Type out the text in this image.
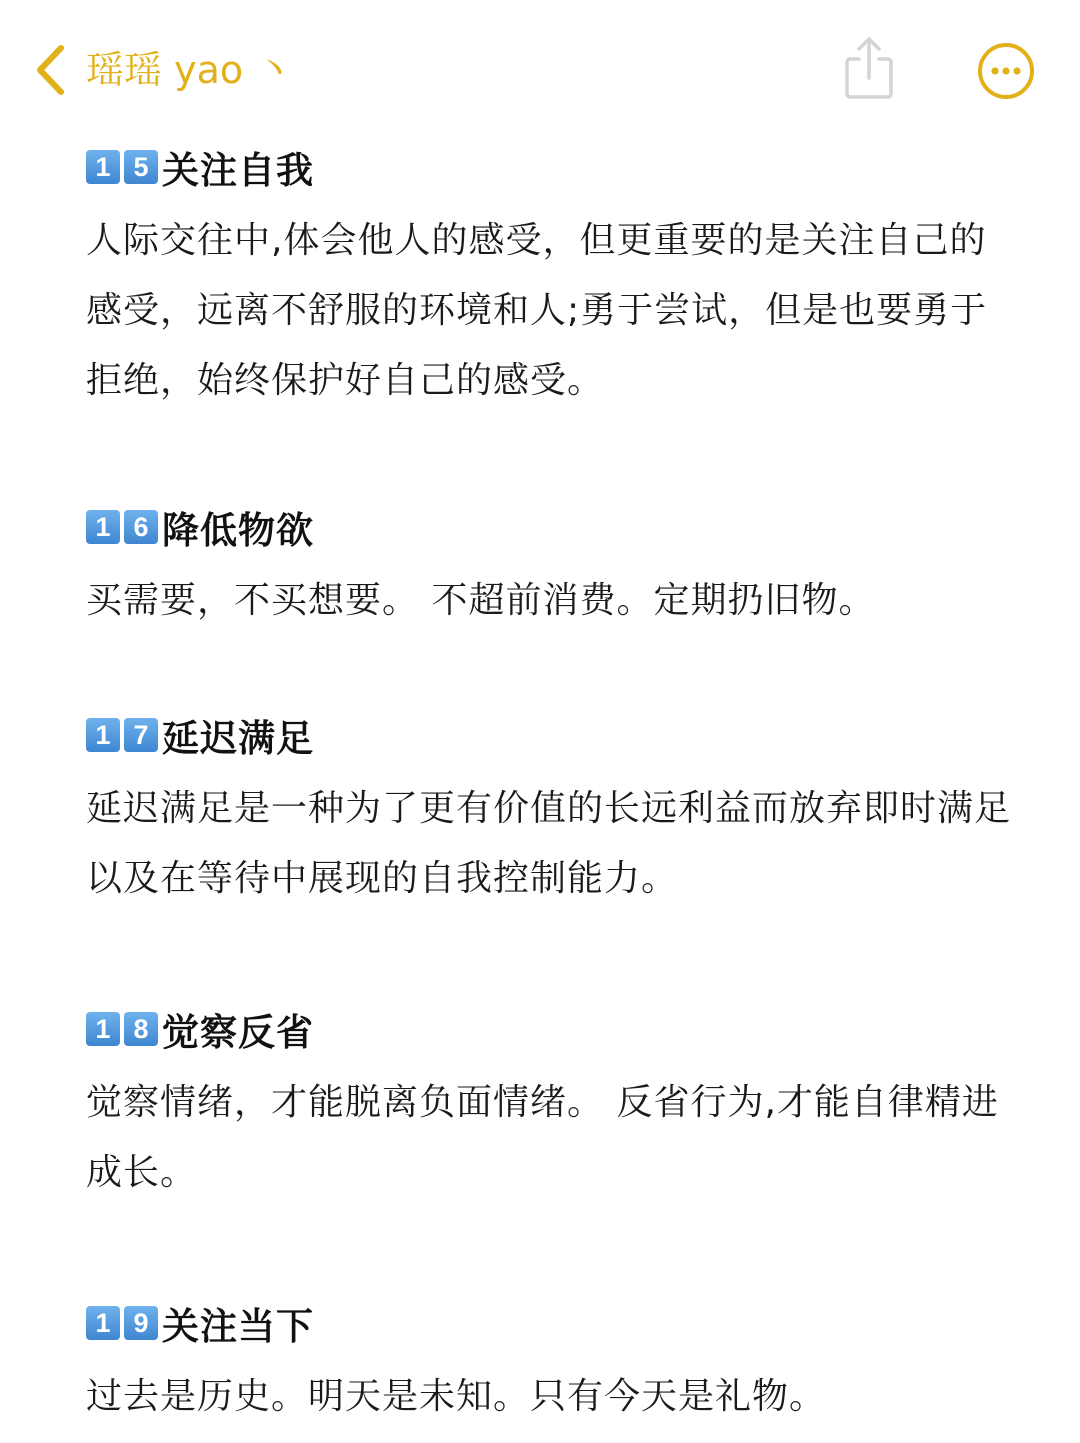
瑶瑶 yao 丶
1 5 关注自我

人际交往中,体会他人的感受，但更重要的是关注自己的感受，远离不舒服的环境和人;勇于尝试，但是也要勇于拒绝，始终保护好自己的感受。

1 6 降低物欲

买需要，不买想要。 不超前消费。定期扔旧物。

1 7 延迟满足

延迟满足是一种为了更有价值的长远利益而放弃即时满足以及在等待中展现的自我控制能力。

1 8 觉察反省

觉察情绪，才能脱离负面情绪。 反省行为,才能自律精进成长。

1 9 关注当下

过去是历史。明天是未知。只有今天是礼物。
